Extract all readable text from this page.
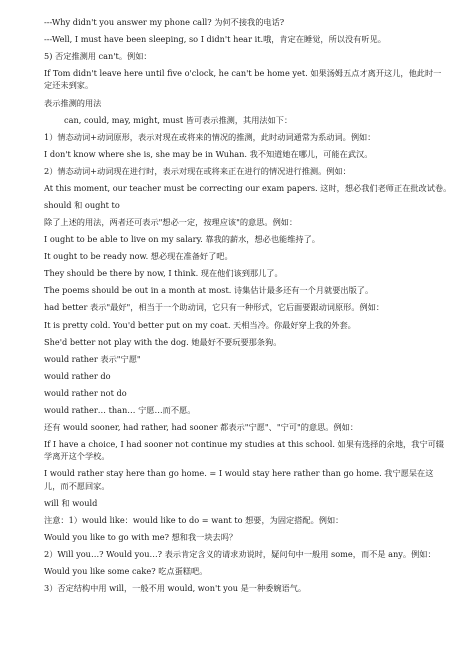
---Why didn't you answer my phone call? 为何不接我的电话?
---Well, I must have been sleeping, so I didn't hear it.哦，肯定在睡觉，所以没有听见。
5) 否定推测用 can't。例如：
If Tom didn't leave here until five o'clock, he can't be home yet. 如果汤姆五点才离开这儿，他此时一定还未到家。
表示推测的用法
can, could, may, might, must 皆可表示推测，其用法如下：
1）情态动词+动词原形，表示对现在或将来的情况的推测，此时动词通常为系动词。例如：
I don't know where she is, she may be in Wuhan. 我不知道她在哪儿，可能在武汉。
2）情态动词+动词现在进行时，表示对现在或将来正在进行的情况进行推测。例如：
At this moment, our teacher must be correcting our exam papers. 这时，想必我们老师正在批改试卷。
should 和 ought to
除了上述的用法，两者还可表示"想必一定，按理应该"的意思。例如：
I ought to be able to live on my salary. 靠我的薪水，想必也能维持了。
It ought to be ready now. 想必现在准备好了吧。
They should be there by now, I think. 现在他们该到那儿了。
The poems should be out in a month at most. 诗集估计最多还有一个月就要出版了。
had better 表示"最好"，相当于一个助动词，它只有一种形式，它后面要跟动词原形。例如：
It is pretty cold. You'd better put on my coat. 天相当冷。你最好穿上我的外套。
She'd better not play with the dog. 她最好不要玩要那条狗。
would rather 表示"宁愿"
would rather do
would rather not do
would rather… than… 宁愿…而不愿。
还有 would sooner, had rather, had sooner 都表示"宁愿"、"宁可"的意思。例如：
If I have a choice, I had sooner not continue my studies at this school. 如果有选择的余地，我宁可辍学离开这个学校。
I would rather stay here than go home. = I would stay here rather than go home. 我宁愿呆在这儿，而不愿回家。
will 和 would
注意：1）would like：would like to do = want to 想要，为固定搭配。例如：
Would you like to go with me? 想和我一块去吗？
2）Will you…? Would you…? 表示肯定含义的请求劝说时，疑问句中一般用 some，而不是 any。例如：
Would you like some cake? 吃点蛋糕吧。
3）否定结构中用 will，一般不用 would, won't you 是一种委婉语气。
